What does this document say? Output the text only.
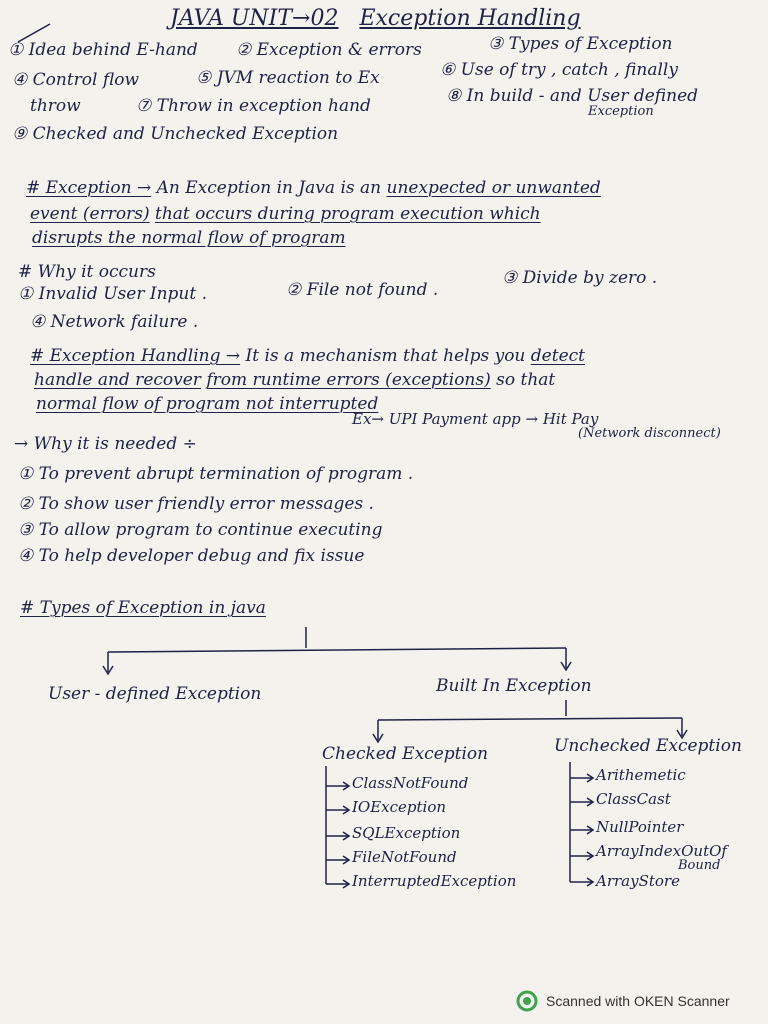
JAVA UNIT→02 Exception Handling
① Idea behind E-hand ② Exception & errors	③ Types of Exception
④ Control flow	⑤ JVM reaction to Ex	⑥ Use of try , catch , finally
throw	⑦ Throw in exception hand	⑧ In build - and User defined
Exception
⑨ Checked and Unchecked Exception
# Exception → An Exception in Java is an unexpected or unwanted
event (errors) that occurs during program execution which
disrupts the normal flow of program
# Why it occurs
① Invalid User Input .	② File not found .
③ Divide by zero .
④ Network failure .
# Exception Handling → It is a mechanism that helps you detect
handle and recover from runtime errors (exceptions) so that
normal flow of program not interrupted
Ex→ UPI Payment app → Hit Pay
(Network disconnect)
→ Why it is needed ÷
① To prevent abrupt termination of program .
② To show user friendly error messages .
③ To allow program to continue executing
④ To help developer debug and fix issue
# Types of Exception in java
User - defined Exception	Built In Exception
Checked Exception	Unchecked Exception
ClassNotFound
IOException
SQLException
FileNotFound
InterruptedException
Arithemetic
ClassCast
NullPointer
ArrayIndexOutOf
Bound
ArrayStore
Scanned with OKEN Scanner
